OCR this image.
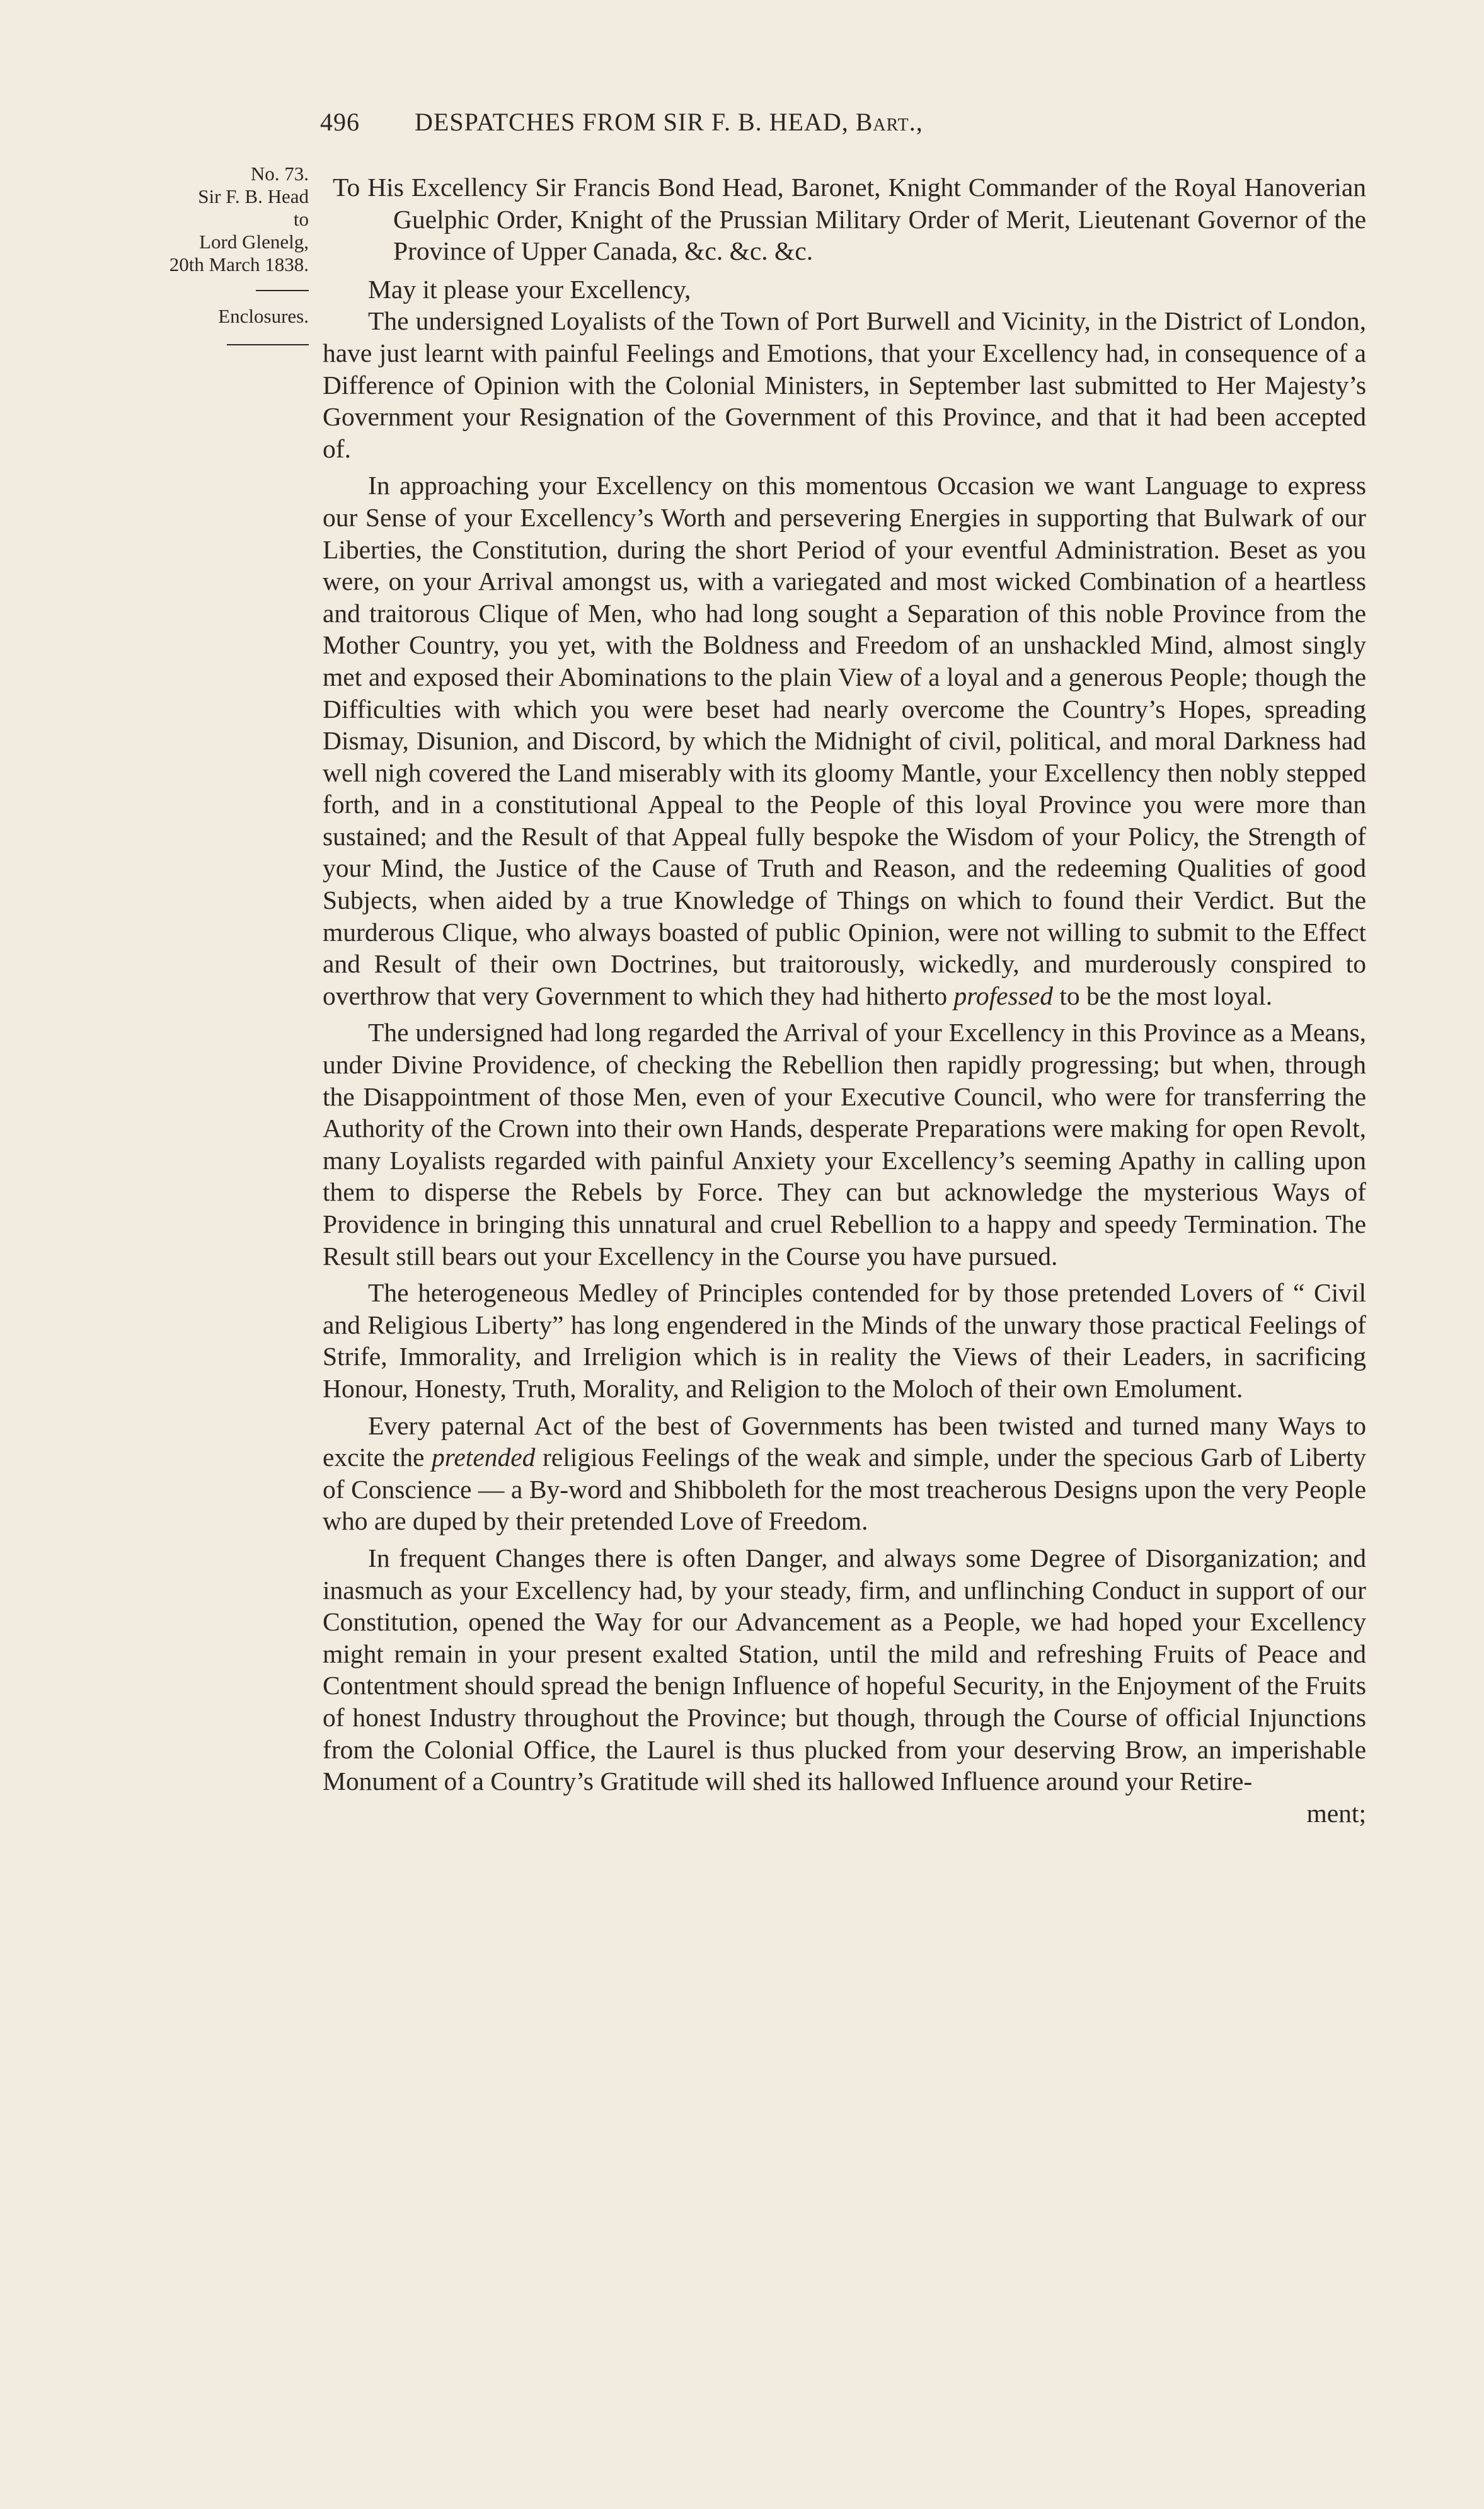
496 DESPATCHES FROM SIR F. B. HEAD, Bart.,
No. 73.
Sir F. B. Head
to
Lord Glenelg,
20th March 1838.
Enclosures.

To His Excellency Sir Francis Bond Head, Baronet, Knight Commander of the Royal Hanoverian Guelphic Order, Knight of the Prussian Military Order of Merit, Lieutenant Governor of the Province of Upper Canada, &c. &c. &c.

May it please your Excellency,

The undersigned Loyalists of the Town of Port Burwell and Vicinity, in the District of London, have just learnt with painful Feelings and Emotions, that your Excellency had, in consequence of a Difference of Opinion with the Colonial Ministers, in September last submitted to Her Majesty’s Government your Resignation of the Government of this Province, and that it had been accepted of.

In approaching your Excellency on this momentous Occasion we want Language to express our Sense of your Excellency’s Worth and persevering Energies in supporting that Bulwark of our Liberties, the Constitution, during the short Period of your eventful Administration. Beset as you were, on your Arrival amongst us, with a variegated and most wicked Combination of a heartless and traitorous Clique of Men, who had long sought a Separation of this noble Province from the Mother Country, you yet, with the Boldness and Freedom of an unshackled Mind, almost singly met and exposed their Abominations to the plain View of a loyal and a generous People; though the Difficulties with which you were beset had nearly overcome the Country’s Hopes, spreading Dismay, Disunion, and Discord, by which the Midnight of civil, political, and moral Darkness had well nigh covered the Land miserably with its gloomy Mantle, your Excellency then nobly stepped forth, and in a constitutional Appeal to the People of this loyal Province you were more than sustained; and the Result of that Appeal fully bespoke the Wisdom of your Policy, the Strength of your Mind, the Justice of the Cause of Truth and Reason, and the redeeming Qualities of good Subjects, when aided by a true Knowledge of Things on which to found their Verdict. But the murderous Clique, who always boasted of public Opinion, were not willing to submit to the Effect and Result of their own Doctrines, but traitorously, wickedly, and murderously conspired to overthrow that very Government to which they had hitherto professed to be the most loyal.

The undersigned had long regarded the Arrival of your Excellency in this Province as a Means, under Divine Providence, of checking the Rebellion then rapidly progressing; but when, through the Disappointment of those Men, even of your Executive Council, who were for transferring the Authority of the Crown into their own Hands, desperate Preparations were making for open Revolt, many Loyalists regarded with painful Anxiety your Excellency’s seeming Apathy in calling upon them to disperse the Rebels by Force. They can but acknowledge the mysterious Ways of Providence in bringing this unnatural and cruel Rebellion to a happy and speedy Termination. The Result still bears out your Excellency in the Course you have pursued.

The heterogeneous Medley of Principles contended for by those pretended Lovers of “ Civil and Religious Liberty” has long engendered in the Minds of the unwary those practical Feelings of Strife, Immorality, and Irreligion which is in reality the Views of their Leaders, in sacrificing Honour, Honesty, Truth, Morality, and Religion to the Moloch of their own Emolument.

Every paternal Act of the best of Governments has been twisted and turned many Ways to excite the pretended religious Feelings of the weak and simple, under the specious Garb of Liberty of Conscience — a By-word and Shibboleth for the most treacherous Designs upon the very People who are duped by their pretended Love of Freedom.

In frequent Changes there is often Danger, and always some Degree of Disorganization; and inasmuch as your Excellency had, by your steady, firm, and unflinching Conduct in support of our Constitution, opened the Way for our Advancement as a People, we had hoped your Excellency might remain in your present exalted Station, until the mild and refreshing Fruits of Peace and Contentment should spread the benign Influence of hopeful Security, in the Enjoyment of the Fruits of honest Industry throughout the Province; but though, through the Course of official Injunctions from the Colonial Office, the Laurel is thus plucked from your deserving Brow, an imperishable Monument of a Country’s Gratitude will shed its hallowed Influence around your Retire-

ment;
